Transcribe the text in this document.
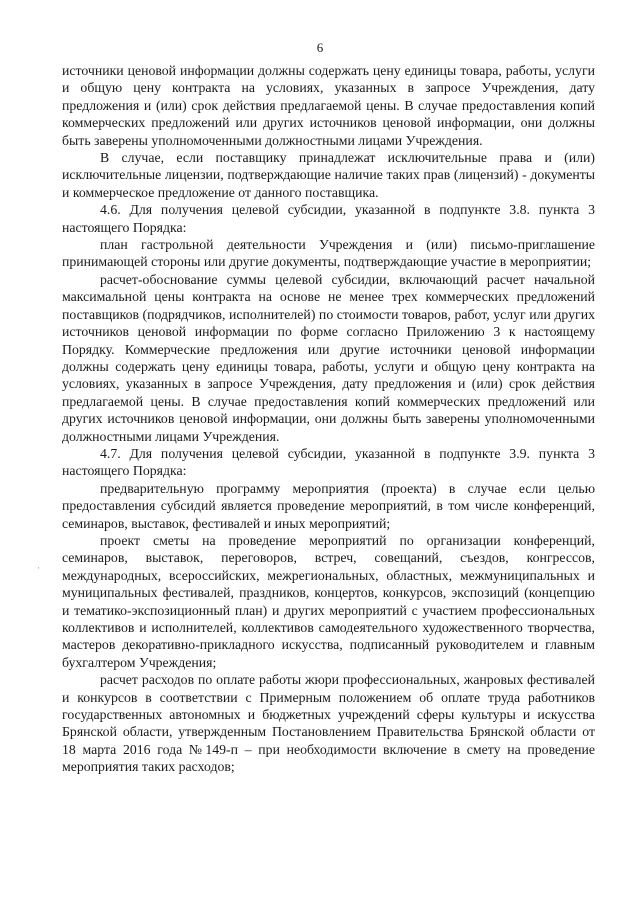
6
·

источники ценовой информации должны содержать цену единицы товара, работы, услуги и общую цену контракта на условиях, указанных в запросе Учреждения, дату предложения и (или) срок действия предлагаемой цены. В случае предоставления копий коммерческих предложений или других источников ценовой информации, они должны быть заверены уполномоченными должностными лицами Учреждения.

В случае, если поставщику принадлежат исключительные права и (или) исключительные лицензии, подтверждающие наличие таких прав (лицензий) - документы и коммерческое предложение от данного поставщика.

4.6. Для получения целевой субсидии, указанной в подпункте 3.8. пункта 3 настоящего Порядка:

план гастрольной деятельности Учреждения и (или) письмо-приглашение принимающей стороны или другие документы, подтверждающие участие в мероприятии;

расчет-обоснование суммы целевой субсидии, включающий расчет начальной максимальной цены контракта на основе не менее трех коммерческих предложений поставщиков (подрядчиков, исполнителей) по стоимости товаров, работ, услуг или других источников ценовой информации по форме согласно Приложению 3 к настоящему Порядку. Коммерческие предложения или другие источники ценовой информации должны содержать цену единицы товара, работы, услуги и общую цену контракта на условиях, указанных в запросе Учреждения, дату предложения и (или) срок действия предлагаемой цены. В случае предоставления копий коммерческих предложений или других источников ценовой информации, они должны быть заверены уполномоченными должностными лицами Учреждения.

4.7. Для получения целевой субсидии, указанной в подпункте 3.9. пункта 3 настоящего Порядка:

предварительную программу мероприятия (проекта) в случае если целью предоставления субсидий является проведение мероприятий, в том числе конференций, семинаров, выставок, фестивалей и иных мероприятий;

проект сметы на проведение мероприятий по организации конференций, семинаров, выставок, переговоров, встреч, совещаний, съездов, конгрессов, международных, всероссийских, межрегиональных, областных, межмуниципальных и муниципальных фестивалей, праздников, концертов, конкурсов, экспозиций (концепцию и тематико-экспозиционный план) и других мероприятий с участием профессиональных коллективов и исполнителей, коллективов самодеятельного художественного творчества, мастеров декоративно-прикладного искусства, подписанный руководителем и главным бухгалтером Учреждения;

расчет расходов по оплате работы жюри профессиональных, жанровых фестивалей и конкурсов в соответствии с Примерным положением об оплате труда работников государственных автономных и бюджетных учреждений сферы культуры и искусства Брянской области, утвержденным Постановлением Правительства Брянской области от 18 марта 2016 года №149-п – при необходимости включение в смету на проведение мероприятия таких расходов;
